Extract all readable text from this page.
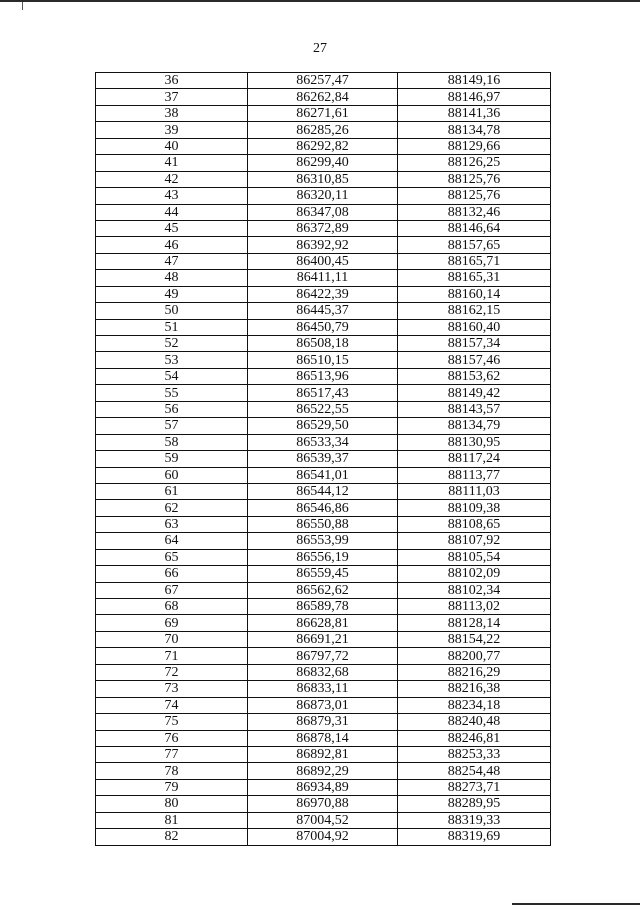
27
36	86257,47	88149,16
37	86262,84	88146,97
38	86271,61	88141,36
39	86285,26	88134,78
40	86292,82	88129,66
41	86299,40	88126,25
42	86310,85	88125,76
43	86320,11	88125,76
44	86347,08	88132,46
45	86372,89	88146,64
46	86392,92	88157,65
47	86400,45	88165,71
48	86411,11	88165,31
49	86422,39	88160,14
50	86445,37	88162,15
51	86450,79	88160,40
52	86508,18	88157,34
53	86510,15	88157,46
54	86513,96	88153,62
55	86517,43	88149,42
56	86522,55	88143,57
57	86529,50	88134,79
58	86533,34	88130,95
59	86539,37	88117,24
60	86541,01	88113,77
61	86544,12	88111,03
62	86546,86	88109,38
63	86550,88	88108,65
64	86553,99	88107,92
65	86556,19	88105,54
66	86559,45	88102,09
67	86562,62	88102,34
68	86589,78	88113,02
69	86628,81	88128,14
70	86691,21	88154,22
71	86797,72	88200,77
72	86832,68	88216,29
73	86833,11	88216,38
74	86873,01	88234,18
75	86879,31	88240,48
76	86878,14	88246,81
77	86892,81	88253,33
78	86892,29	88254,48
79	86934,89	88273,71
80	86970,88	88289,95
81	87004,52	88319,33
82	87004,92	88319,69
